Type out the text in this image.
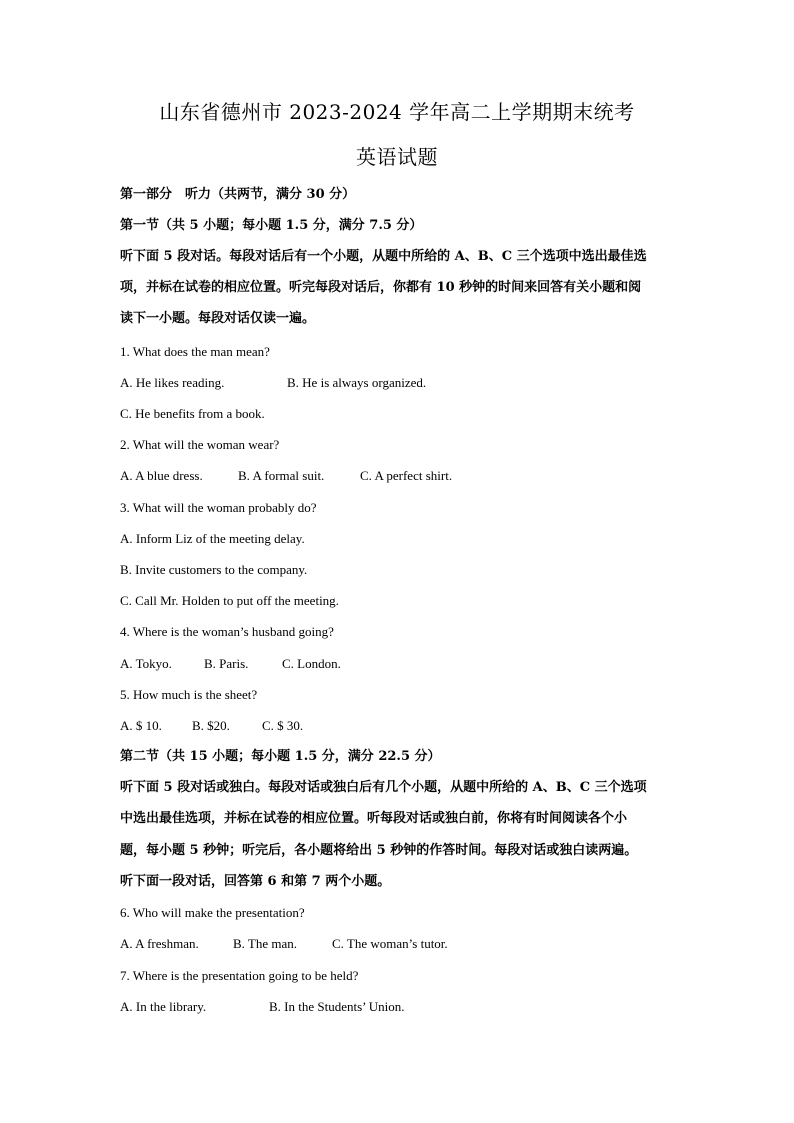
山东省德州市 2023-2024 学年高二上学期期末统考
英语试题
第一部分　听力（共两节，满分 30 分）
第一节（共 5 小题；每小题 1.5 分，满分 7.5 分）
听下面 5 段对话。每段对话后有一个小题，从题中所给的 A、B、C 三个选项中选出最佳选
项，并标在试卷的相应位置。听完每段对话后，你都有 10 秒钟的时间来回答有关小题和阅
读下一小题。每段对话仅读一遍。
1. What does the man mean?
A. He likes reading.	B. He is always organized.
C. He benefits from a book.
2. What will the woman wear?
A. A blue dress.	B. A formal suit.	C. A perfect shirt.
3. What will the woman probably do?
A. Inform Liz of the meeting delay.
B. Invite customers to the company.
C. Call Mr. Holden to put off the meeting.
4. Where is the woman’s husband going?
A. Tokyo. B. Paris.	C. London.
5. How much is the sheet?
A. $ 10. B. $20. C. $ 30.
第二节（共 15 小题；每小题 1.5 分，满分 22.5 分）
听下面 5 段对话或独白。每段对话或独白后有几个小题，从题中所给的 A、B、C 三个选项
中选出最佳选项，并标在试卷的相应位置。听每段对话或独白前，你将有时间阅读各个小
题，每小题 5 秒钟；听完后，各小题将给出 5 秒钟的作答时间。每段对话或独白读两遍。
听下面一段对话，回答第 6 和第 7 两个小题。
6. Who will make the presentation?
A. A freshman.	B. The man.	C. The woman’s tutor.
7. Where is the presentation going to be held?
A. In the library.	B. In the Students’ Union.
